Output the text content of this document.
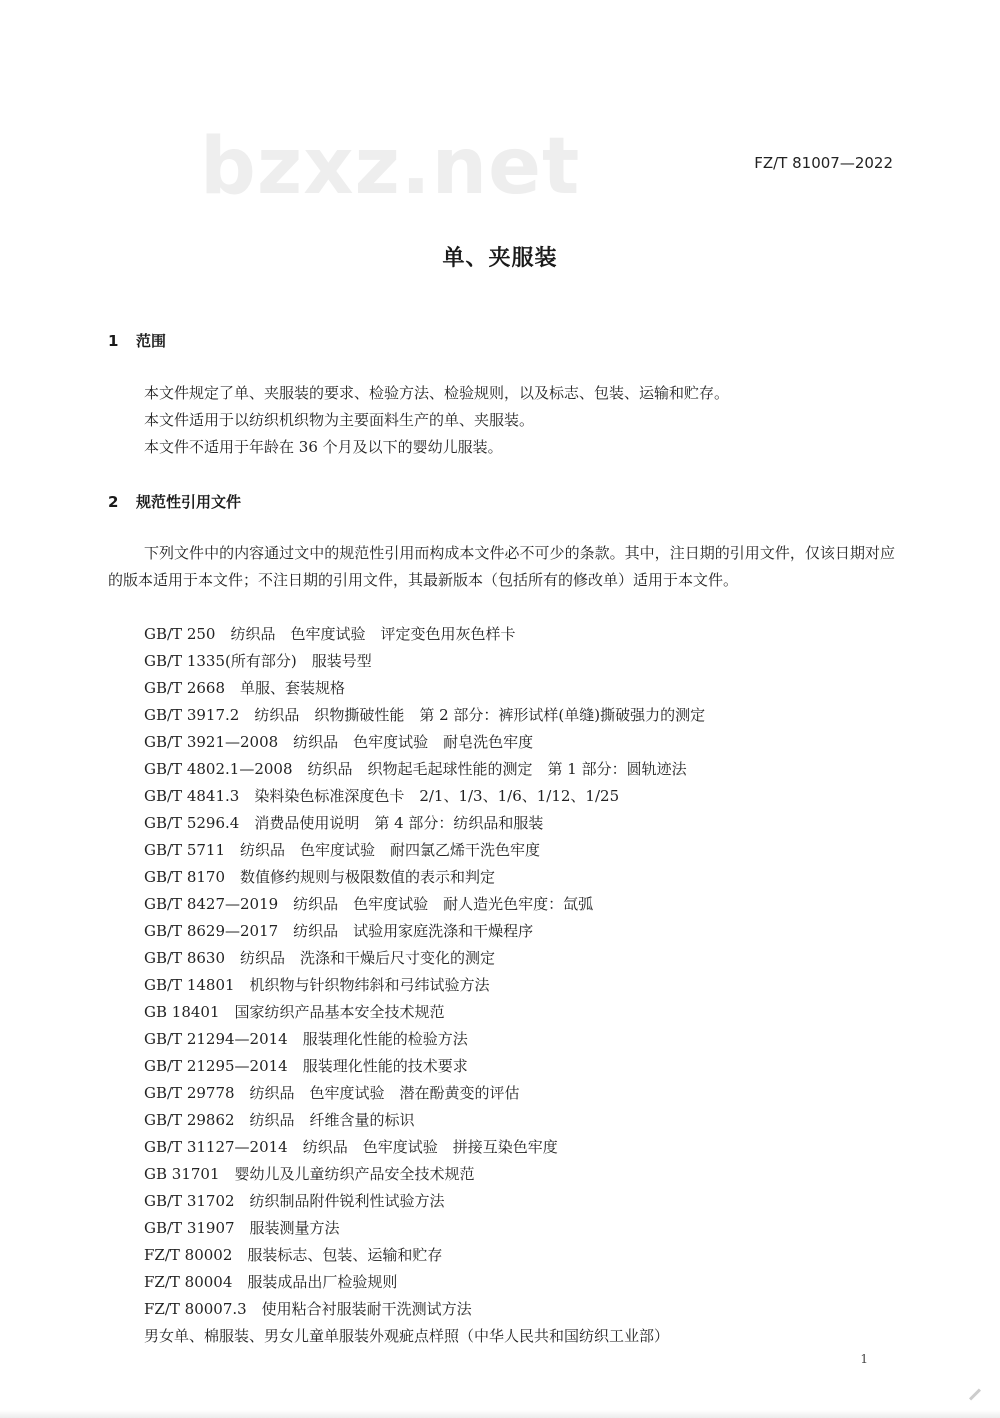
bzxz.net	FZ/T 81007—2022
单、夹服装
1 范围
本文件规定了单、夹服装的要求、检验方法、检验规则，以及标志、包装、运输和贮存。
本文件适用于以纺织机织物为主要面料生产的单、夹服装。
本文件不适用于年龄在 36 个月及以下的婴幼儿服装。
2 规范性引用文件
下列文件中的内容通过文中的规范性引用而构成本文件必不可少的条款。其中，注日期的引用文件，仅该日期对应的版本适用于本文件；不注日期的引用文件，其最新版本（包括所有的修改单）适用于本文件。
GB/T 250　纺织品　色牢度试验　评定变色用灰色样卡
GB/T 1335(所有部分)　服装号型
GB/T 2668　单服、套装规格
GB/T 3917.2　纺织品　织物撕破性能　第 2 部分：裤形试样(单缝)撕破强力的测定
GB/T 3921—2008　纺织品　色牢度试验　耐皂洗色牢度
GB/T 4802.1—2008　纺织品　织物起毛起球性能的测定　第 1 部分：圆轨迹法
GB/T 4841.3　染料染色标准深度色卡　2/1、1/3、1/6、1/12、1/25
GB/T 5296.4　消费品使用说明　第 4 部分：纺织品和服装
GB/T 5711　纺织品　色牢度试验　耐四氯乙烯干洗色牢度
GB/T 8170　数值修约规则与极限数值的表示和判定
GB/T 8427—2019　纺织品　色牢度试验　耐人造光色牢度：氙弧
GB/T 8629—2017　纺织品　试验用家庭洗涤和干燥程序
GB/T 8630　纺织品　洗涤和干燥后尺寸变化的测定
GB/T 14801　机织物与针织物纬斜和弓纬试验方法
GB 18401　国家纺织产品基本安全技术规范
GB/T 21294—2014　服装理化性能的检验方法
GB/T 21295—2014　服装理化性能的技术要求
GB/T 29778　纺织品　色牢度试验　潜在酚黄变的评估
GB/T 29862　纺织品　纤维含量的标识
GB/T 31127—2014　纺织品　色牢度试验　拼接互染色牢度
GB 31701　婴幼儿及儿童纺织产品安全技术规范
GB/T 31702　纺织制品附件锐利性试验方法
GB/T 31907　服装测量方法
FZ/T 80002　服装标志、包装、运输和贮存
FZ/T 80004　服装成品出厂检验规则
FZ/T 80007.3　使用粘合衬服装耐干洗测试方法
男女单、棉服装、男女儿童单服装外观疵点样照（中华人民共和国纺织工业部）
1
